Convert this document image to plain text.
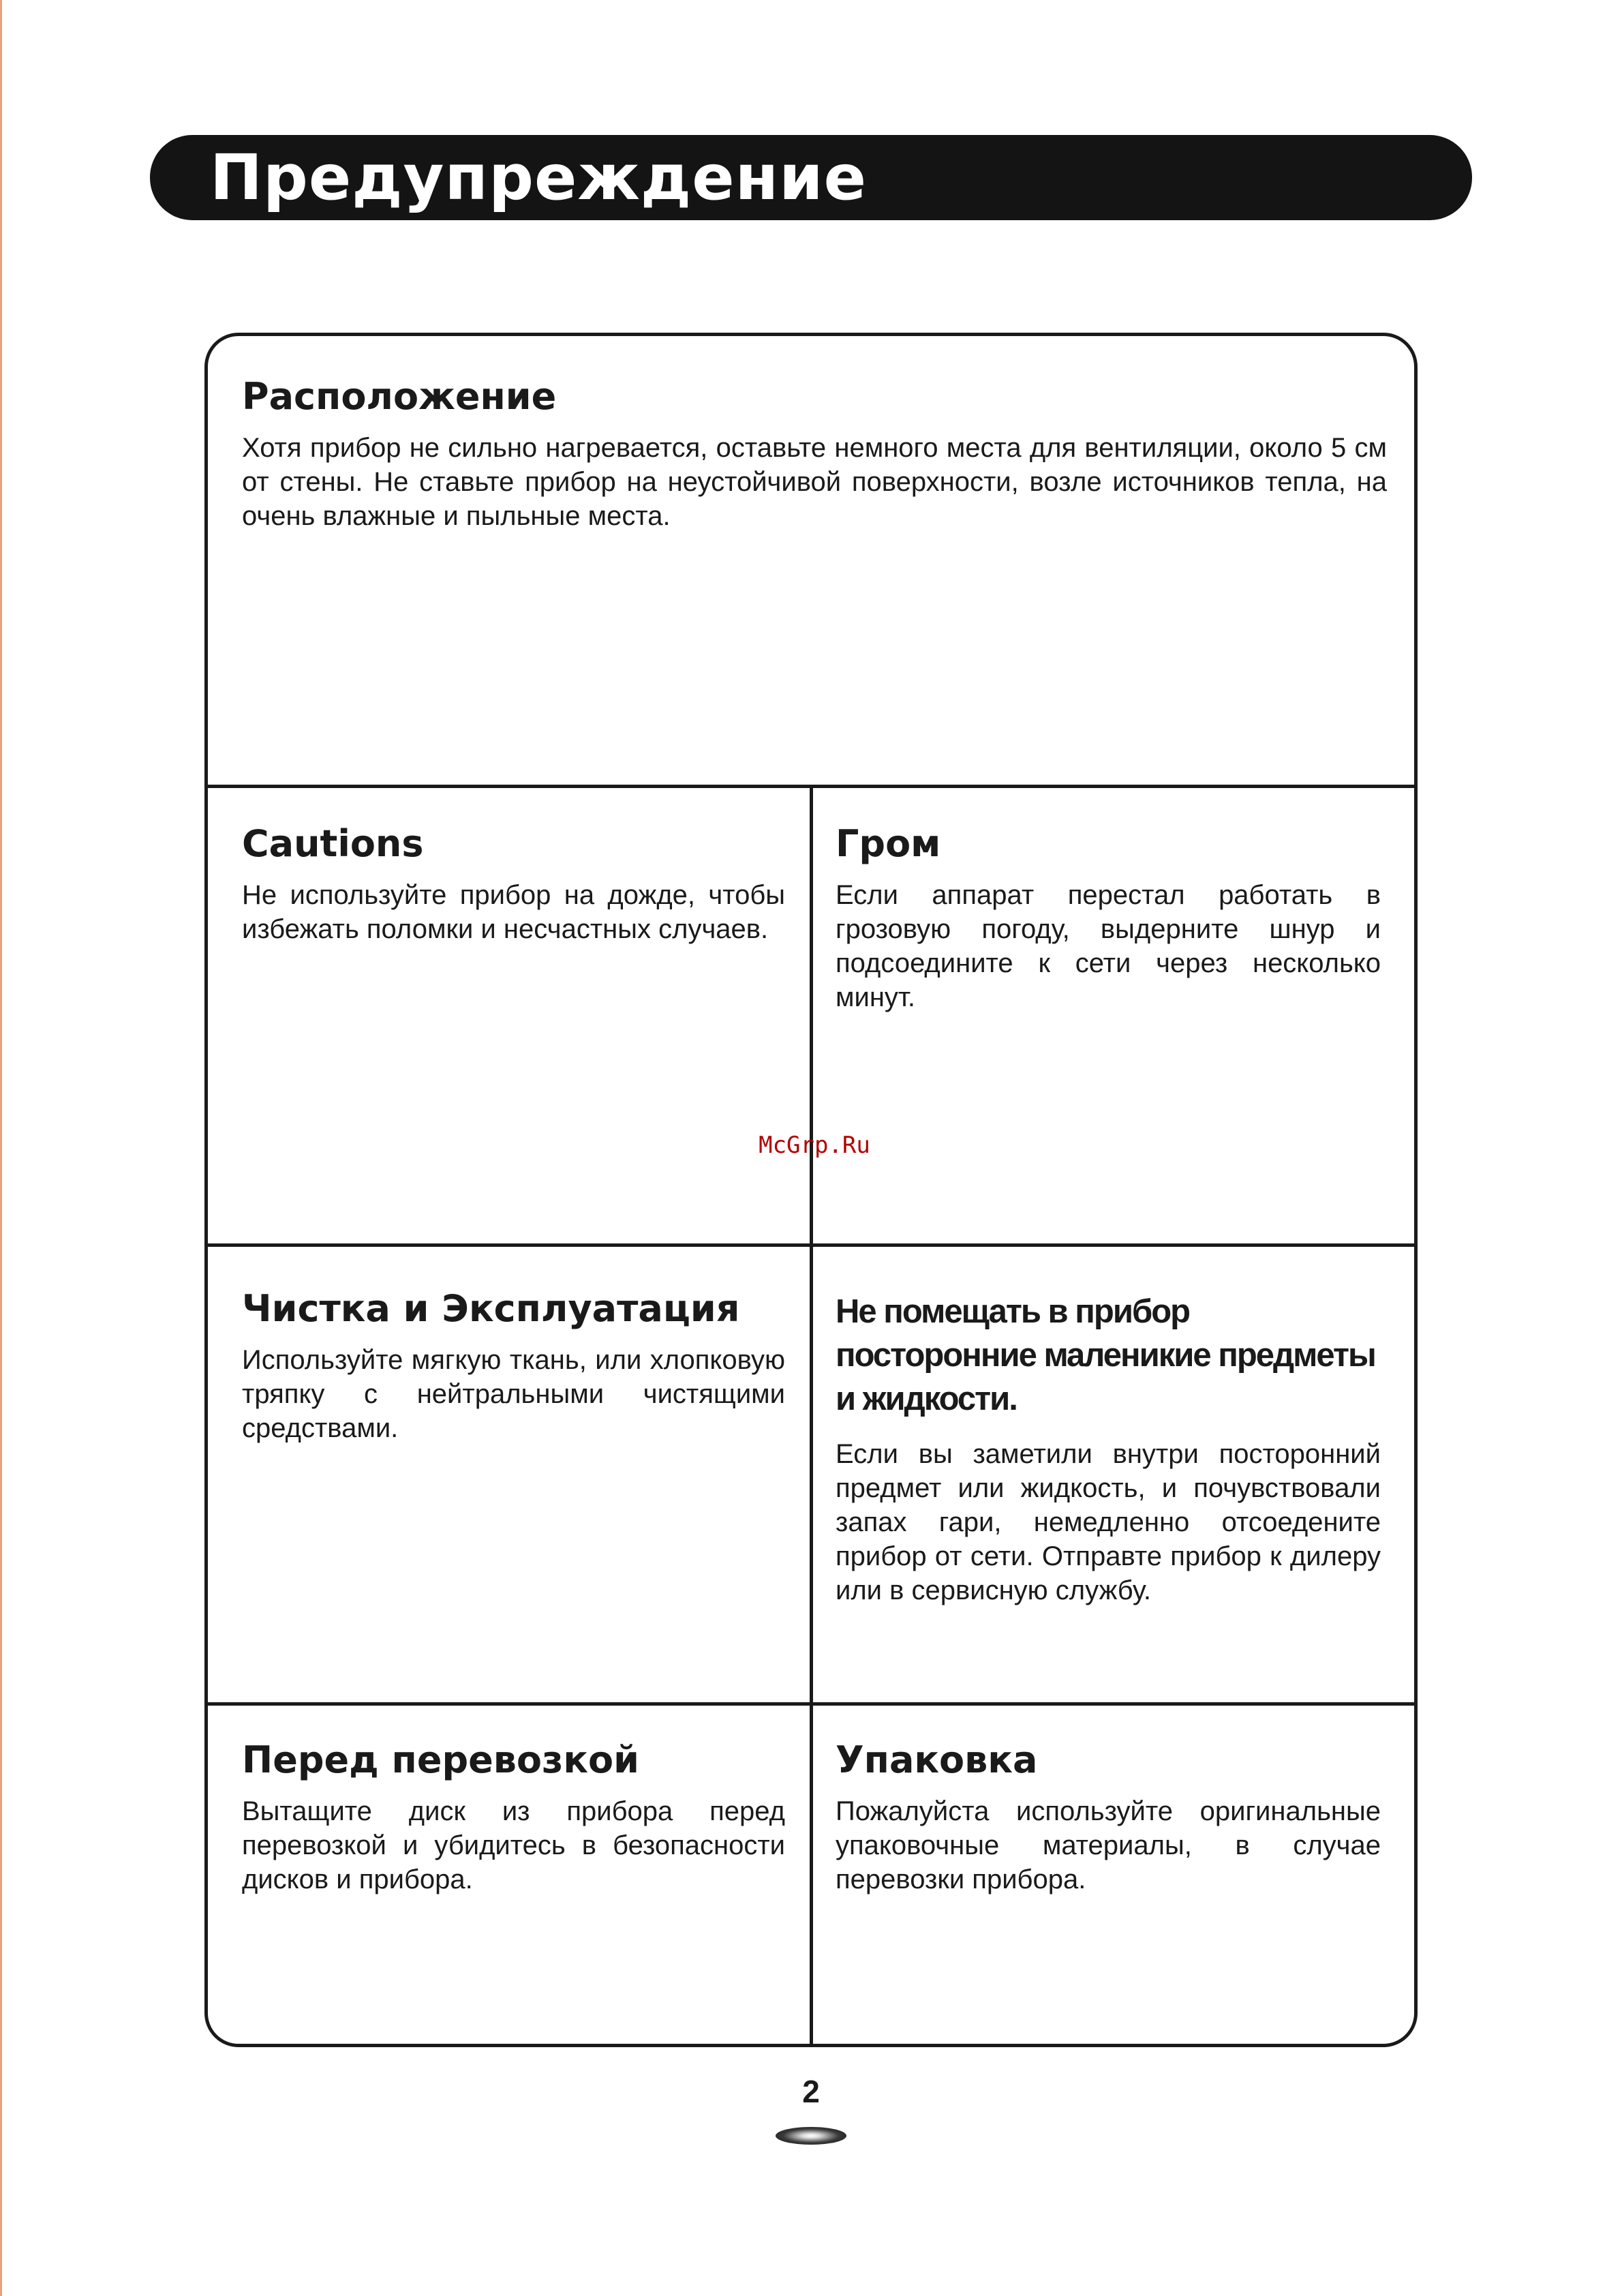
Предупреждение
Расположение

Хотя прибор не сильно нагревается, оставьте немного места для вентиляции, около 5 см от стены. Не ставьте прибор на неустойчивой поверхности, возле источников тепла, на очень влажные и пыльные места.

Cautions

Не используйте прибор на дожде, чтобы избежать поломки и несчастных случаев.

Гром

Если аппарат перестал работать в грозовую погоду, выдерните шнур и подсоедините к сети через несколько минут.

Чистка и Эксплуатация

Используйте мягкую ткань, или хлопковую тряпку с нейтральными чистящими средствами.

Не помещать в прибор посторонние маленикие предметы и жидкости.

Если вы заметили внутри посторонний предмет или жидкость, и почувствовали запах гари, немедленно отсоедените прибор от сети. Отправте прибор к дилеру или в сервисную службу.

Перед перевозкой

Вытащите диск из прибора перед перевозкой и убидитесь в безопасности дисков и прибора.

Упаковка

Пожалуйста используйте оригинальные упаковочные материалы, в случае перевозки прибора.

McGrp.Ru
2
